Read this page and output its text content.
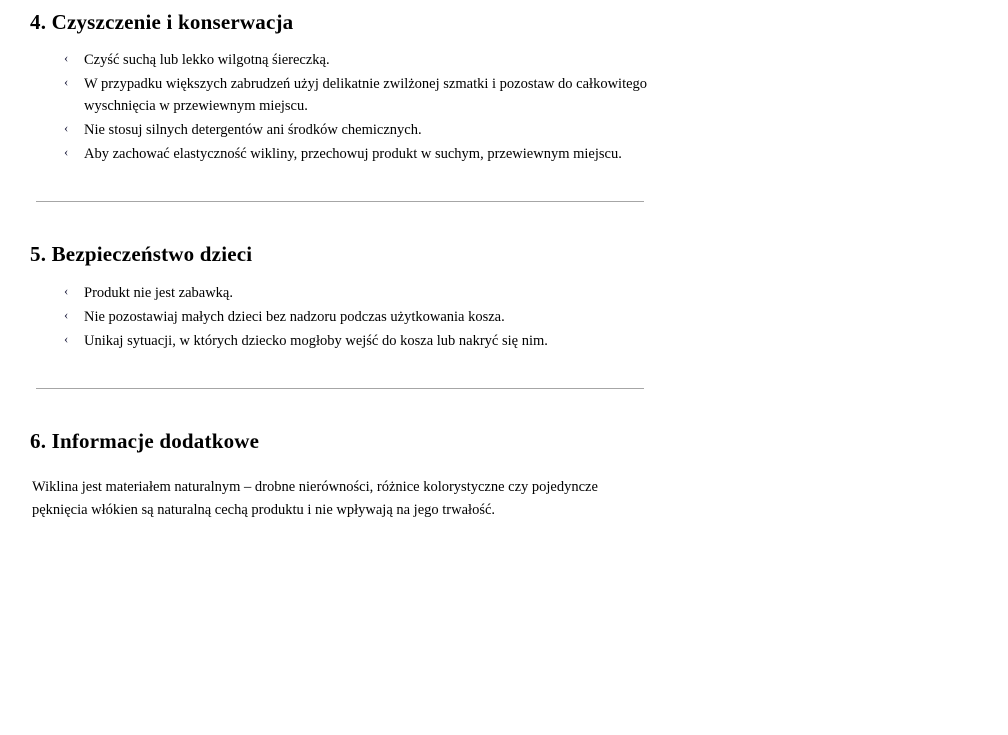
4. Czyszczenie i konserwacja
‹ Czyść suchą lub lekko wilgotną śiereczką.
‹ W przypadku większych zabrudzeń użyj delikatnie zwilżonej szmatki i pozostaw do całkowitego wyschnięcia w przewiewnym miejscu.
‹ Nie stosuj silnych detergentów ani środków chemicznych.
‹ Aby zachować elastyczność wikliny, przechowuj produkt w suchym, przewiewnym miejscu.
5. Bezpieczeństwo dzieci
‹ Produkt nie jest zabawką.
‹ Nie pozostawiaj małych dzieci bez nadzoru podczas użytkowania kosza.
‹ Unikaj sytuacji, w których dziecko mogłoby wejść do kosza lub nakryć się nim.
6. Informacje dodatkowe

Wiklina jest materiałem naturalnym – drobne nierówności, różnice kolorystyczne czy pojedyncze pęknięcia włókien są naturalną cechą produktu i nie wpływają na jego trwałość.
